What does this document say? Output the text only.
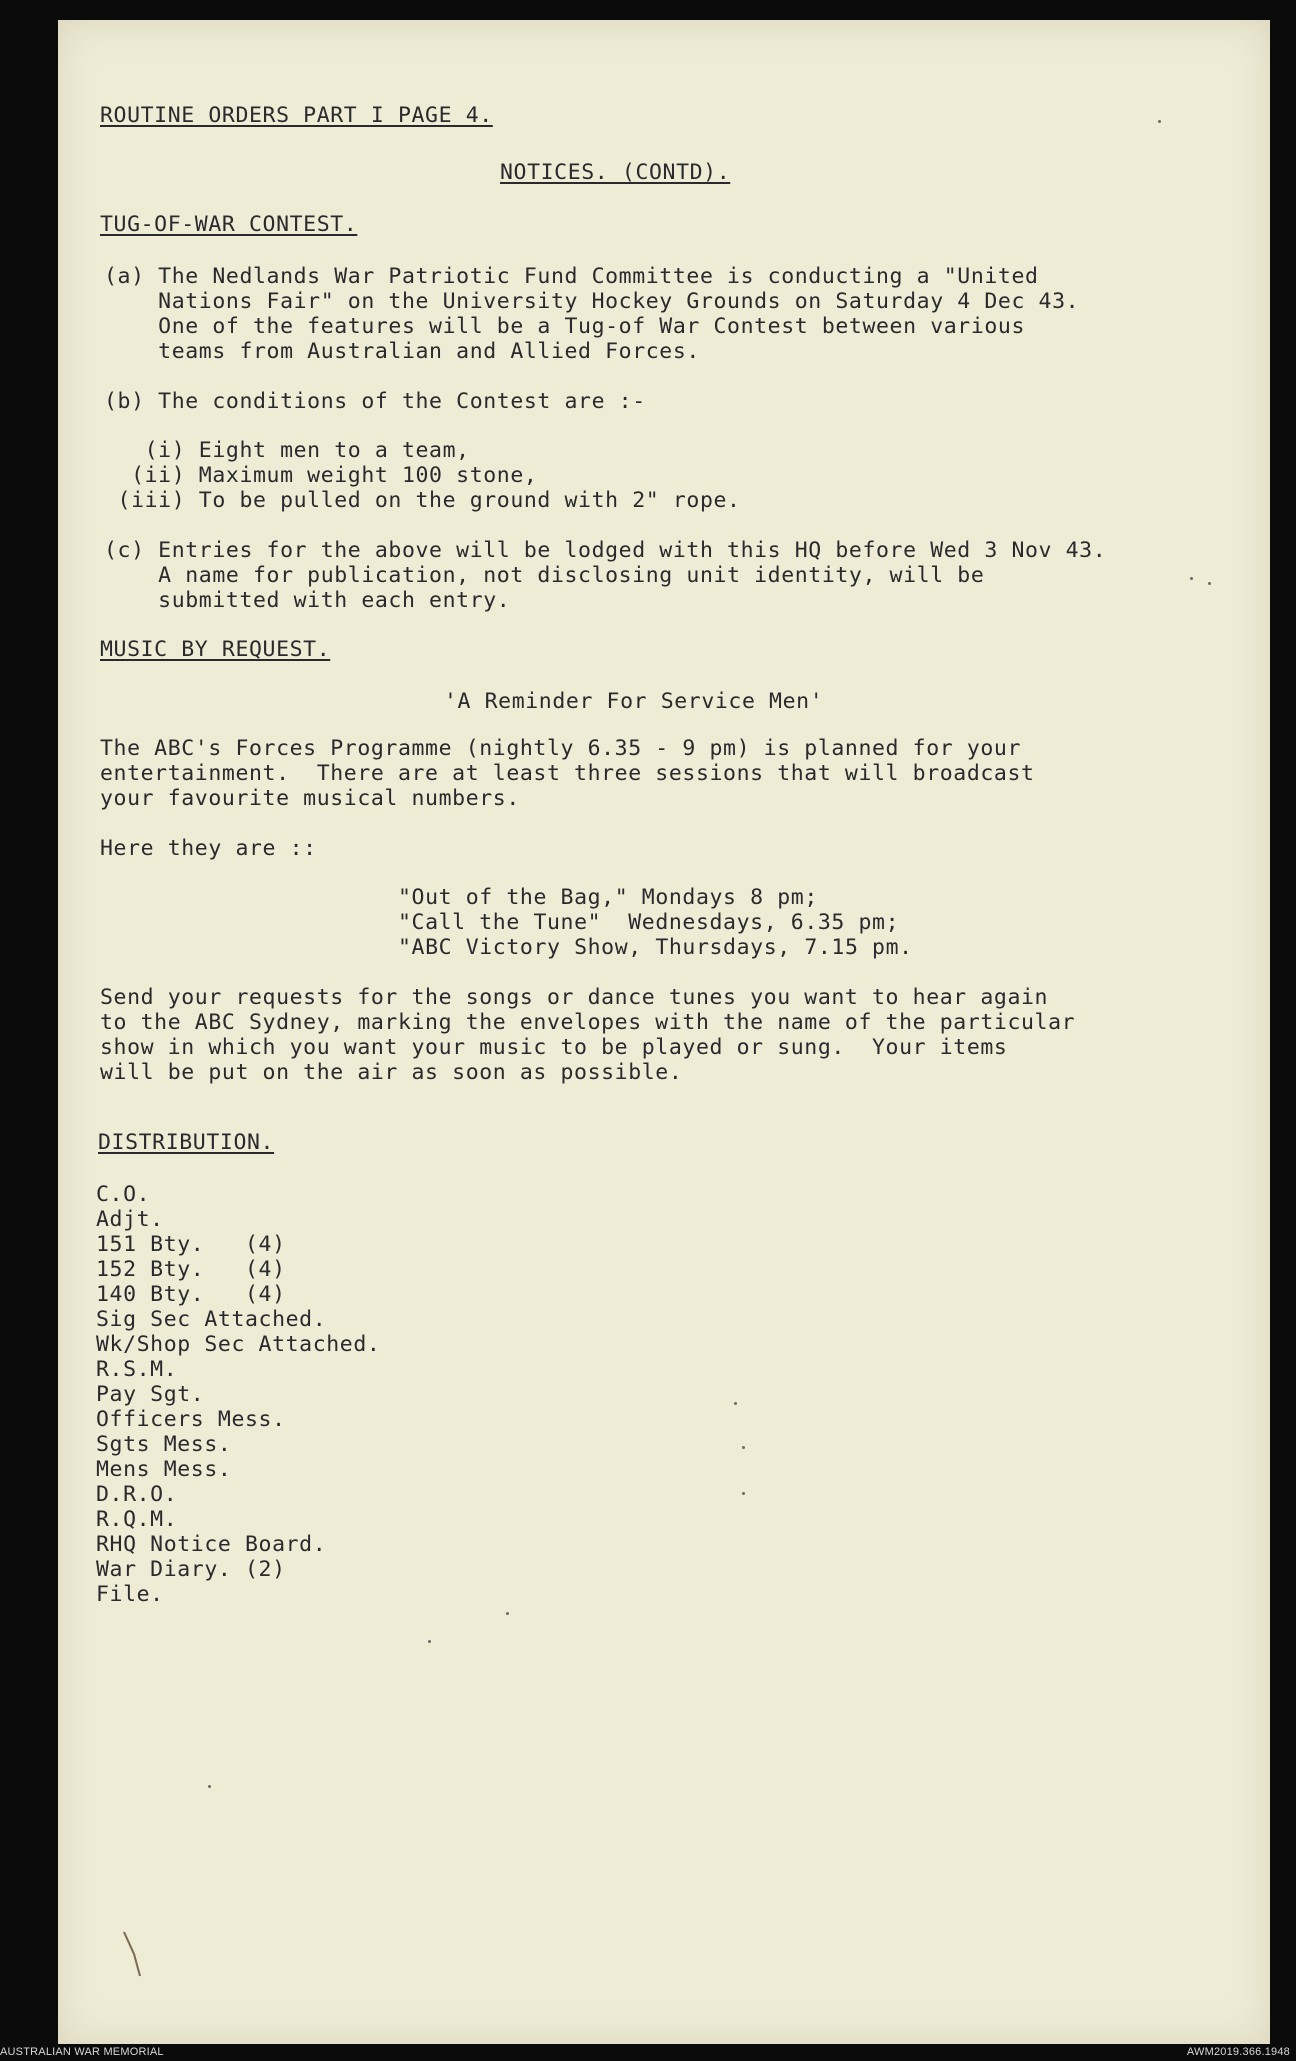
ROUTINE ORDERS PART I PAGE 4.
NOTICES. (CONTD).
TUG-OF-WAR CONTEST.
(a) The Nedlands War Patriotic Fund Committee is conducting a "United
Nations Fair" on the University Hockey Grounds on Saturday 4 Dec 43.
One of the features will be a Tug-of War Contest between various
teams from Australian and Allied Forces.
(b) The conditions of the Contest are :-
(i) Eight men to a team,
(ii) Maximum weight 100 stone,
(iii) To be pulled on the ground with 2" rope.
(c) Entries for the above will be lodged with this HQ before Wed 3 Nov 43.
A name for publication, not disclosing unit identity, will be
submitted with each entry.
MUSIC BY REQUEST.
'A Reminder For Service Men'
The ABC's Forces Programme (nightly 6.35 - 9 pm) is planned for your
entertainment.  There are at least three sessions that will broadcast
your favourite musical numbers.
Here they are ::
"Out of the Bag," Mondays 8 pm;
"Call the Tune"  Wednesdays, 6.35 pm;
"ABC Victory Show, Thursdays, 7.15 pm.
Send your requests for the songs or dance tunes you want to hear again
to the ABC Sydney, marking the envelopes with the name of the particular
show in which you want your music to be played or sung.  Your items
will be put on the air as soon as possible.
DISTRIBUTION.
C.O.
Adjt.
151 Bty.   (4)
152 Bty.   (4)
140 Bty.   (4)
Sig Sec Attached.
Wk/Shop Sec Attached.
R.S.M.
Pay Sgt.
Officers Mess.
Sgts Mess.
Mens Mess.
D.R.O.
R.Q.M.
RHQ Notice Board.
War Diary. (2)
File.
AUSTRALIAN WAR MEMORIAL	AWM2019.366.1948
